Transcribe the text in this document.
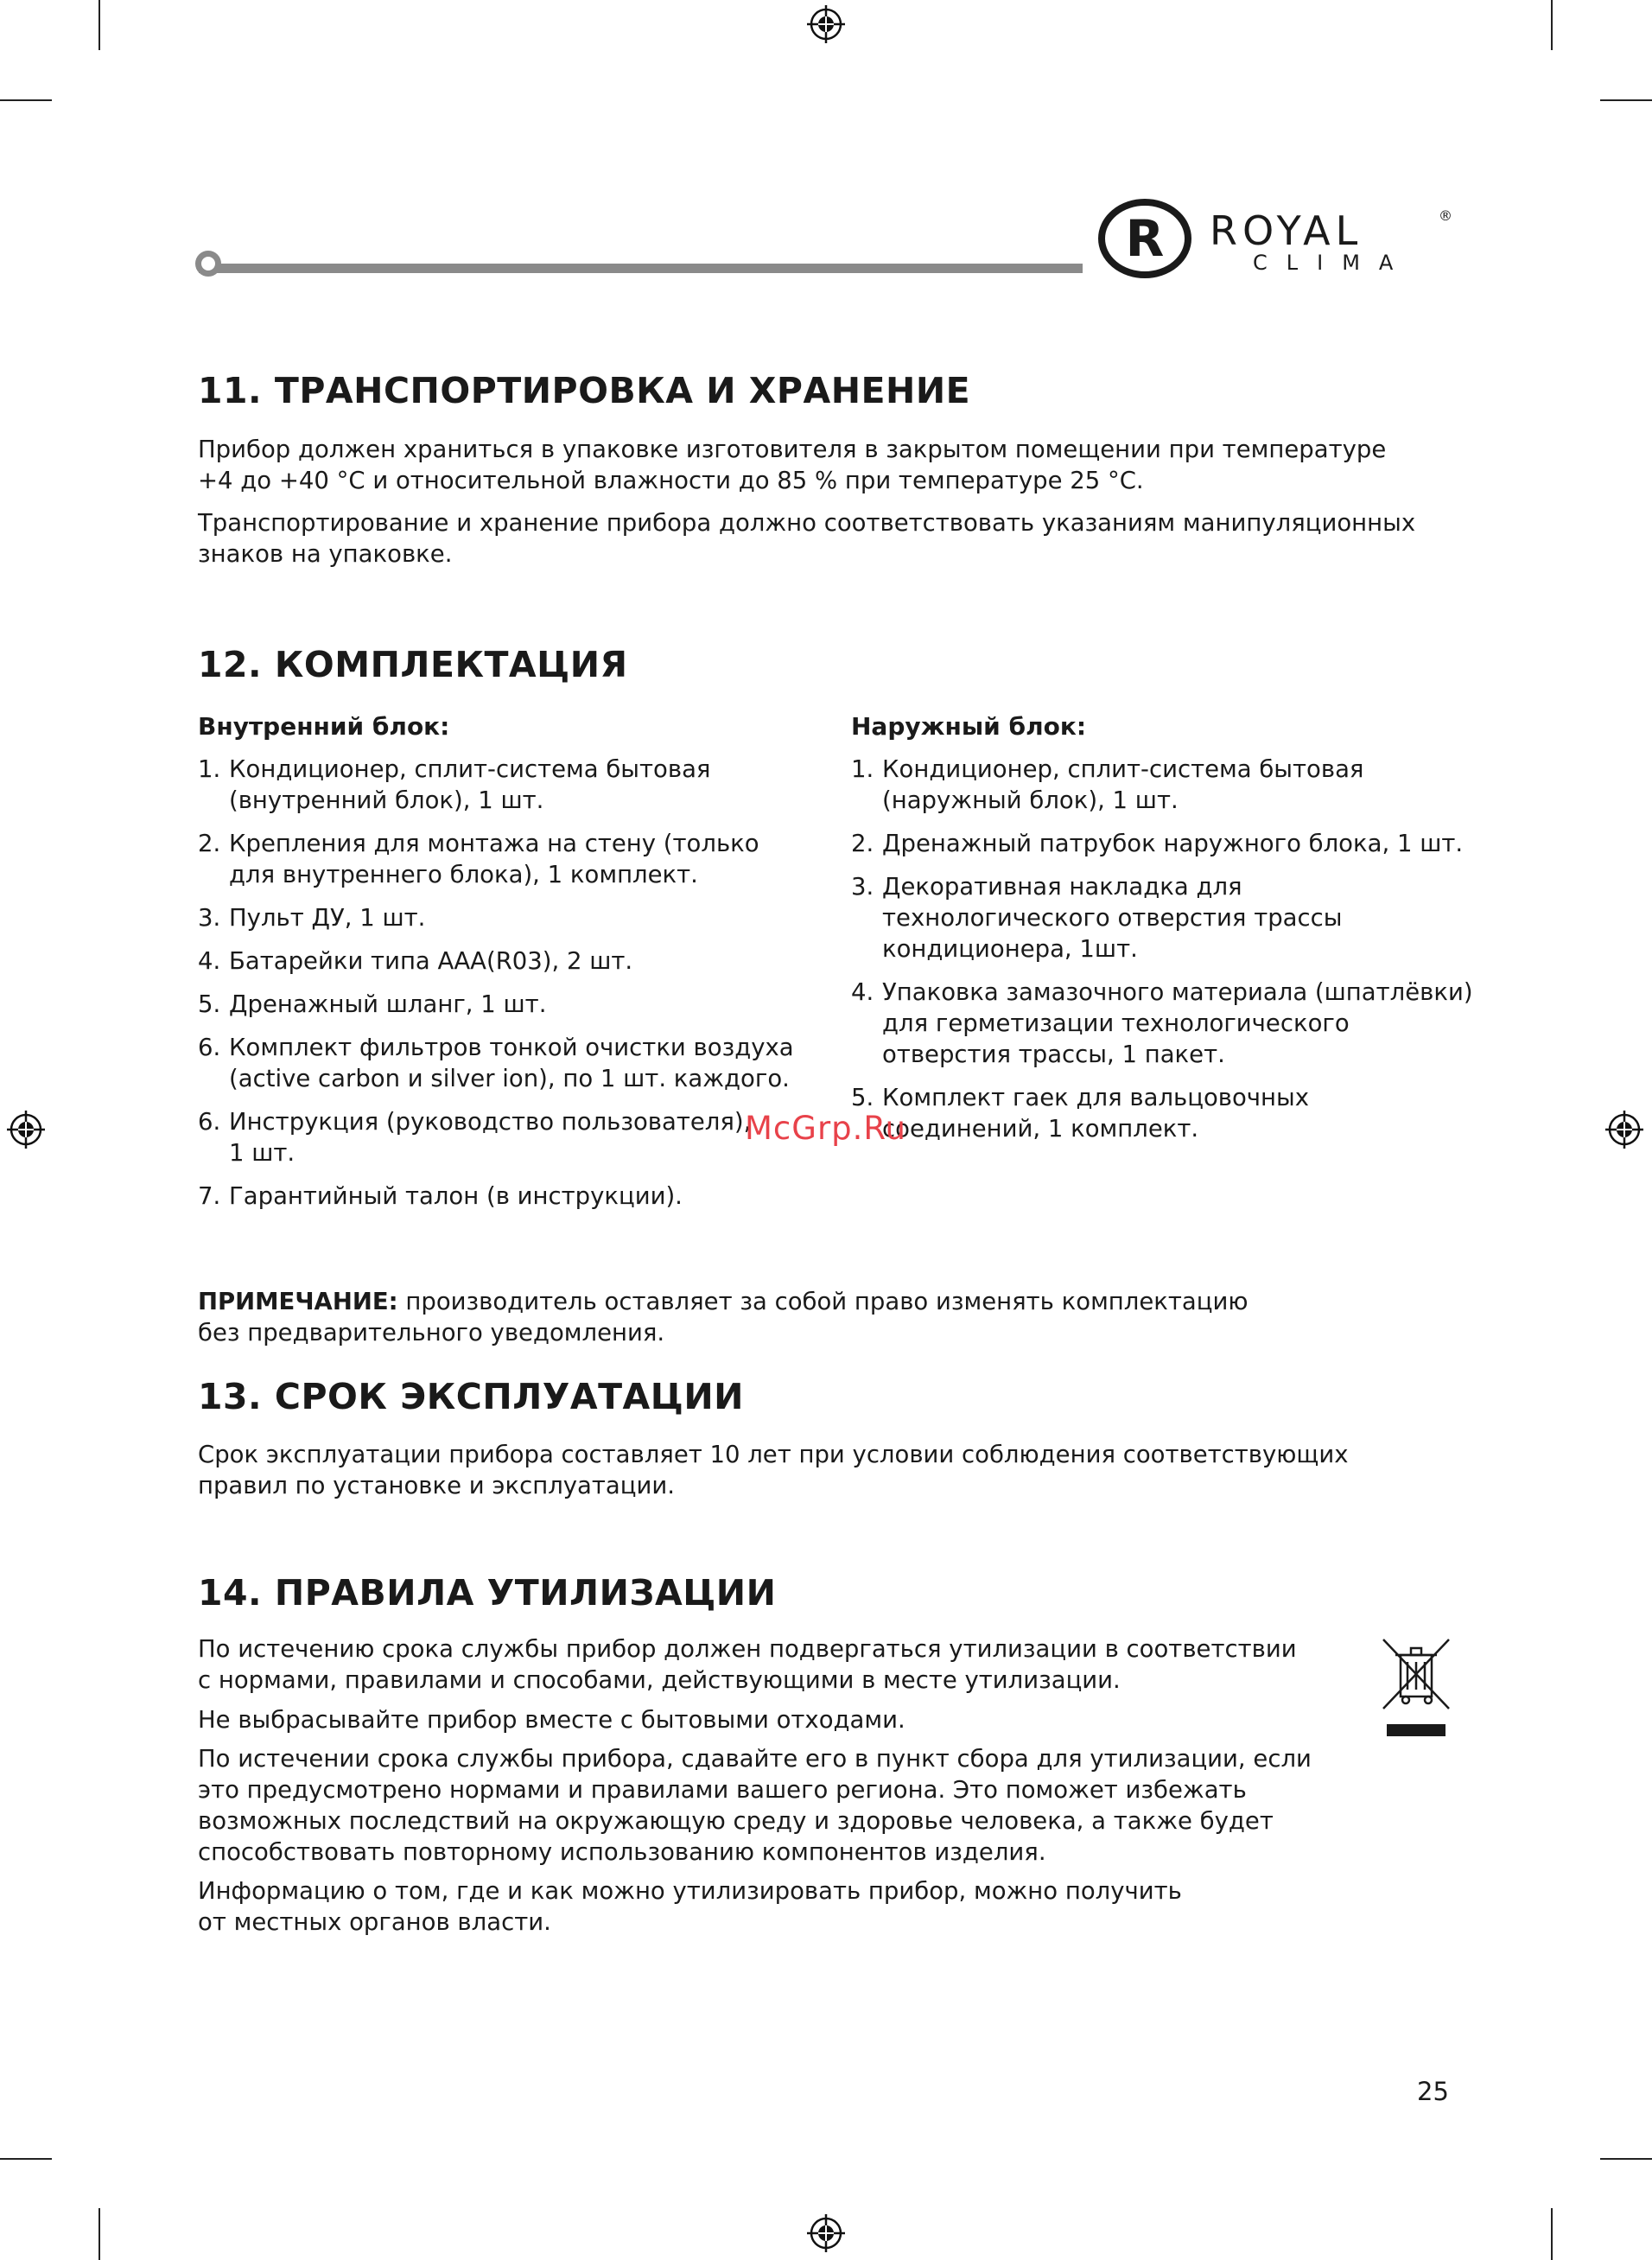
R ROYAL	®
CLIMA
11. ТРАНСПОРТИРОВКА И ХРАНЕНИЕ

Прибор должен храниться в упаковке изготовителя в закрытом помещении при температуре
+4 до +40 °С и относительной влажности до 85 % при температуре 25 °С.

Транспортирование и хранение прибора должно соответствовать указаниям манипуляционных
знаков на упаковке.

12. КОМПЛЕКТАЦИЯ
Внутренний блок:
1. Кондиционер, сплит-система бытовая
(внутренний блок), 1 шт.
2. Крепления для монтажа на стену (только
для внутреннего блока), 1 комплект.
3. Пульт ДУ, 1 шт.
4. Батарейки типа ААА(R03), 2 шт.
5. Дренажный шланг, 1 шт.
6. Комплект фильтров тонкой очистки воздуха
(active carbon и silver ion), по 1 шт. каждого.
6. Инструкция (руководство пользователя),
1 шт.
7. Гарантийный талон (в инструкции).
Наружный блок:
1. Кондиционер, сплит-система бытовая
(наружный блок), 1 шт.
2. Дренажный патрубок наружного блока, 1 шт.
3. Декоративная накладка для
технологического отверстия трассы
кондиционера, 1шт.
4. Упаковка замазочного материала (шпатлёвки)
для герметизации технологического
отверстия трассы, 1 пакет.
5. Комплект гаек для вальцовочных
соединений, 1 комплект.
McGrp.Ru

ПРИМЕЧАНИЕ: производитель оставляет за собой право изменять комплектацию
без предварительного уведомления.

13. СРОК ЭКСПЛУАТАЦИИ

Срок эксплуатации прибора составляет 10 лет при условии соблюдения соответствующих
правил по установке и эксплуатации.

14. ПРАВИЛА УТИЛИЗАЦИИ

По истечению срока службы прибор должен подвергаться утилизации в соответствии
с нормами, правилами и способами, действующими в месте утилизации.

Не выбрасывайте прибор вместе с бытовыми отходами.

По истечении срока службы прибора, сдавайте его в пункт сбора для утилизации, если
это предусмотрено нормами и правилами вашего региона. Это поможет избежать
возможных последствий на окружающую среду и здоровье человека, а также будет
способствовать повторному использованию компонентов изделия.

Информацию о том, где и как можно утилизировать прибор, можно получить
от местных органов власти.

25
